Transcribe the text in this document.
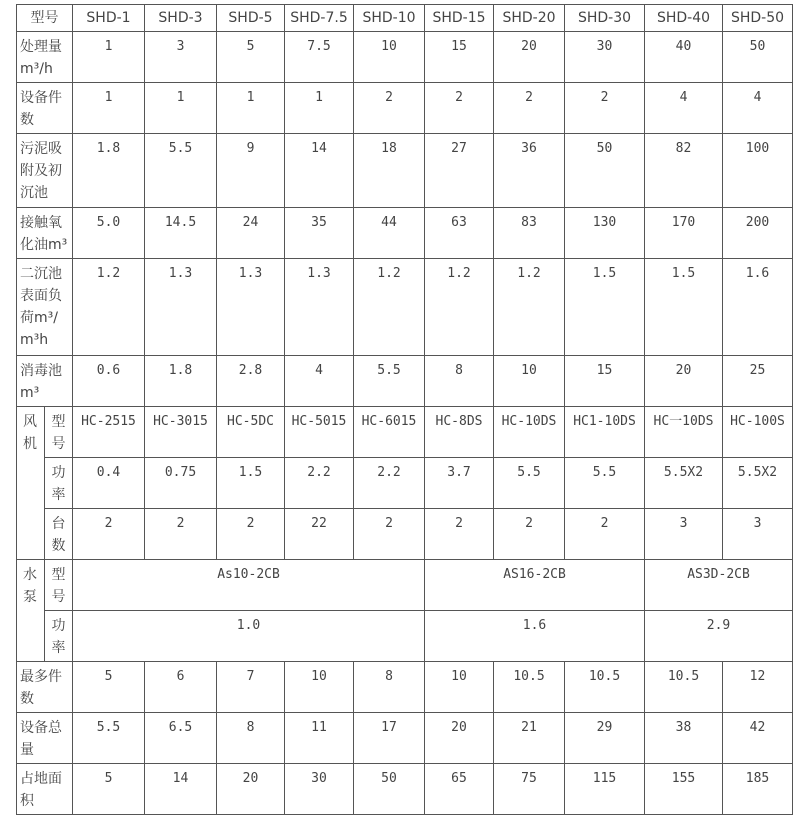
型号		SHD-1	SHD-3	SHD-5	SHD-7.5	SHD-10	SHD-15	SHD-20	SHD-30	SHD-40	SHD-50
处理量m³/h		1	3	5	7.5	10	15	20	30	40	50
设备件数		1	1	1	1	2	2	2	2	4	4
污泥吸附及初沉池		1.8	5.5	9	14	18	27	36	50	82	100
接触氧化油m³		5.0	14.5	24	35	44	63	83	130	170	200
二沉池表面负荷m³/m³h		1.2	1.3	1.3	1.3	1.2	1.2	1.2	1.5	1.5	1.6
消毒池m³		0.6	1.8	2.8	4	5.5	8	10	15	20	25
风机	型号	HC-2515	HC-3015	HC-5DC	HC-5015	HC-6015	HC-8DS	HC-10DS	HC1-10DS	HC一10DS	HC-100S
	功率	0.4	0.75	1.5	2.2	2.2	3.7	5.5	5.5	5.5X2	5.5X2
	台数	2	2	2	22	2	2	2	2	3	3
水泵	型号	As10-2CB					AS16-2CB			AS3D-2CB	
	功率	1.0					1.6			2.9	
最多件数		5	6	7	10	8	10	10.5	10.5	10.5	12
设备总量		5.5	6.5	8	11	17	20	21	29	38	42
占地面积		5	14	20	30	50	65	75	115	155	185
